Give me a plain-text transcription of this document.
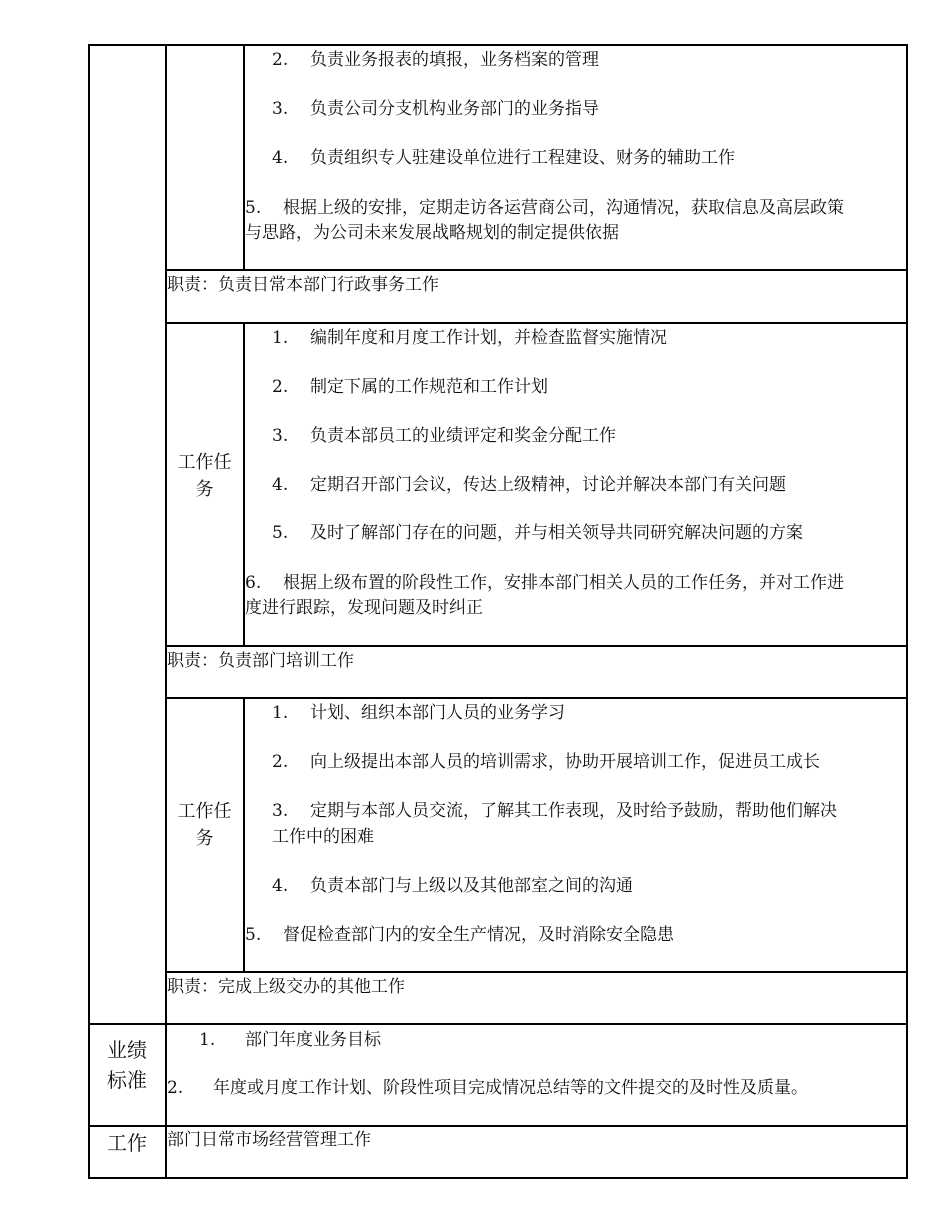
2. 负责业务报表的填报，业务档案的管理
3. 负责公司分支机构业务部门的业务指导
4. 负责组织专人驻建设单位进行工程建设、财务的辅助工作
5. 根据上级的安排，定期走访各运营商公司，沟通情况，获取信息及高层政策
与思路，为公司未来发展战略规划的制定提供依据
职责：负责日常本部门行政事务工作
工作任
务
1. 编制年度和月度工作计划，并检查监督实施情况
2. 制定下属的工作规范和工作计划
3. 负责本部员工的业绩评定和奖金分配工作
4. 定期召开部门会议，传达上级精神，讨论并解决本部门有关问题
5. 及时了解部门存在的问题，并与相关领导共同研究解决问题的方案
6. 根据上级布置的阶段性工作，安排本部门相关人员的工作任务，并对工作进
度进行跟踪，发现问题及时纠正
职责：负责部门培训工作
工作任
务
1. 计划、组织本部门人员的业务学习
2. 向上级提出本部人员的培训需求，协助开展培训工作，促进员工成长
3. 定期与本部人员交流，了解其工作表现，及时给予鼓励，帮助他们解决
工作中的困难
4. 负责本部门与上级以及其他部室之间的沟通
5. 督促检查部门内的安全生产情况，及时消除安全隐患
职责：完成上级交办的其他工作
业绩
标准
1. 部门年度业务目标
2. 年度或月度工作计划、阶段性项目完成情况总结等的文件提交的及时性及质量。
工作	部门日常市场经营管理工作
